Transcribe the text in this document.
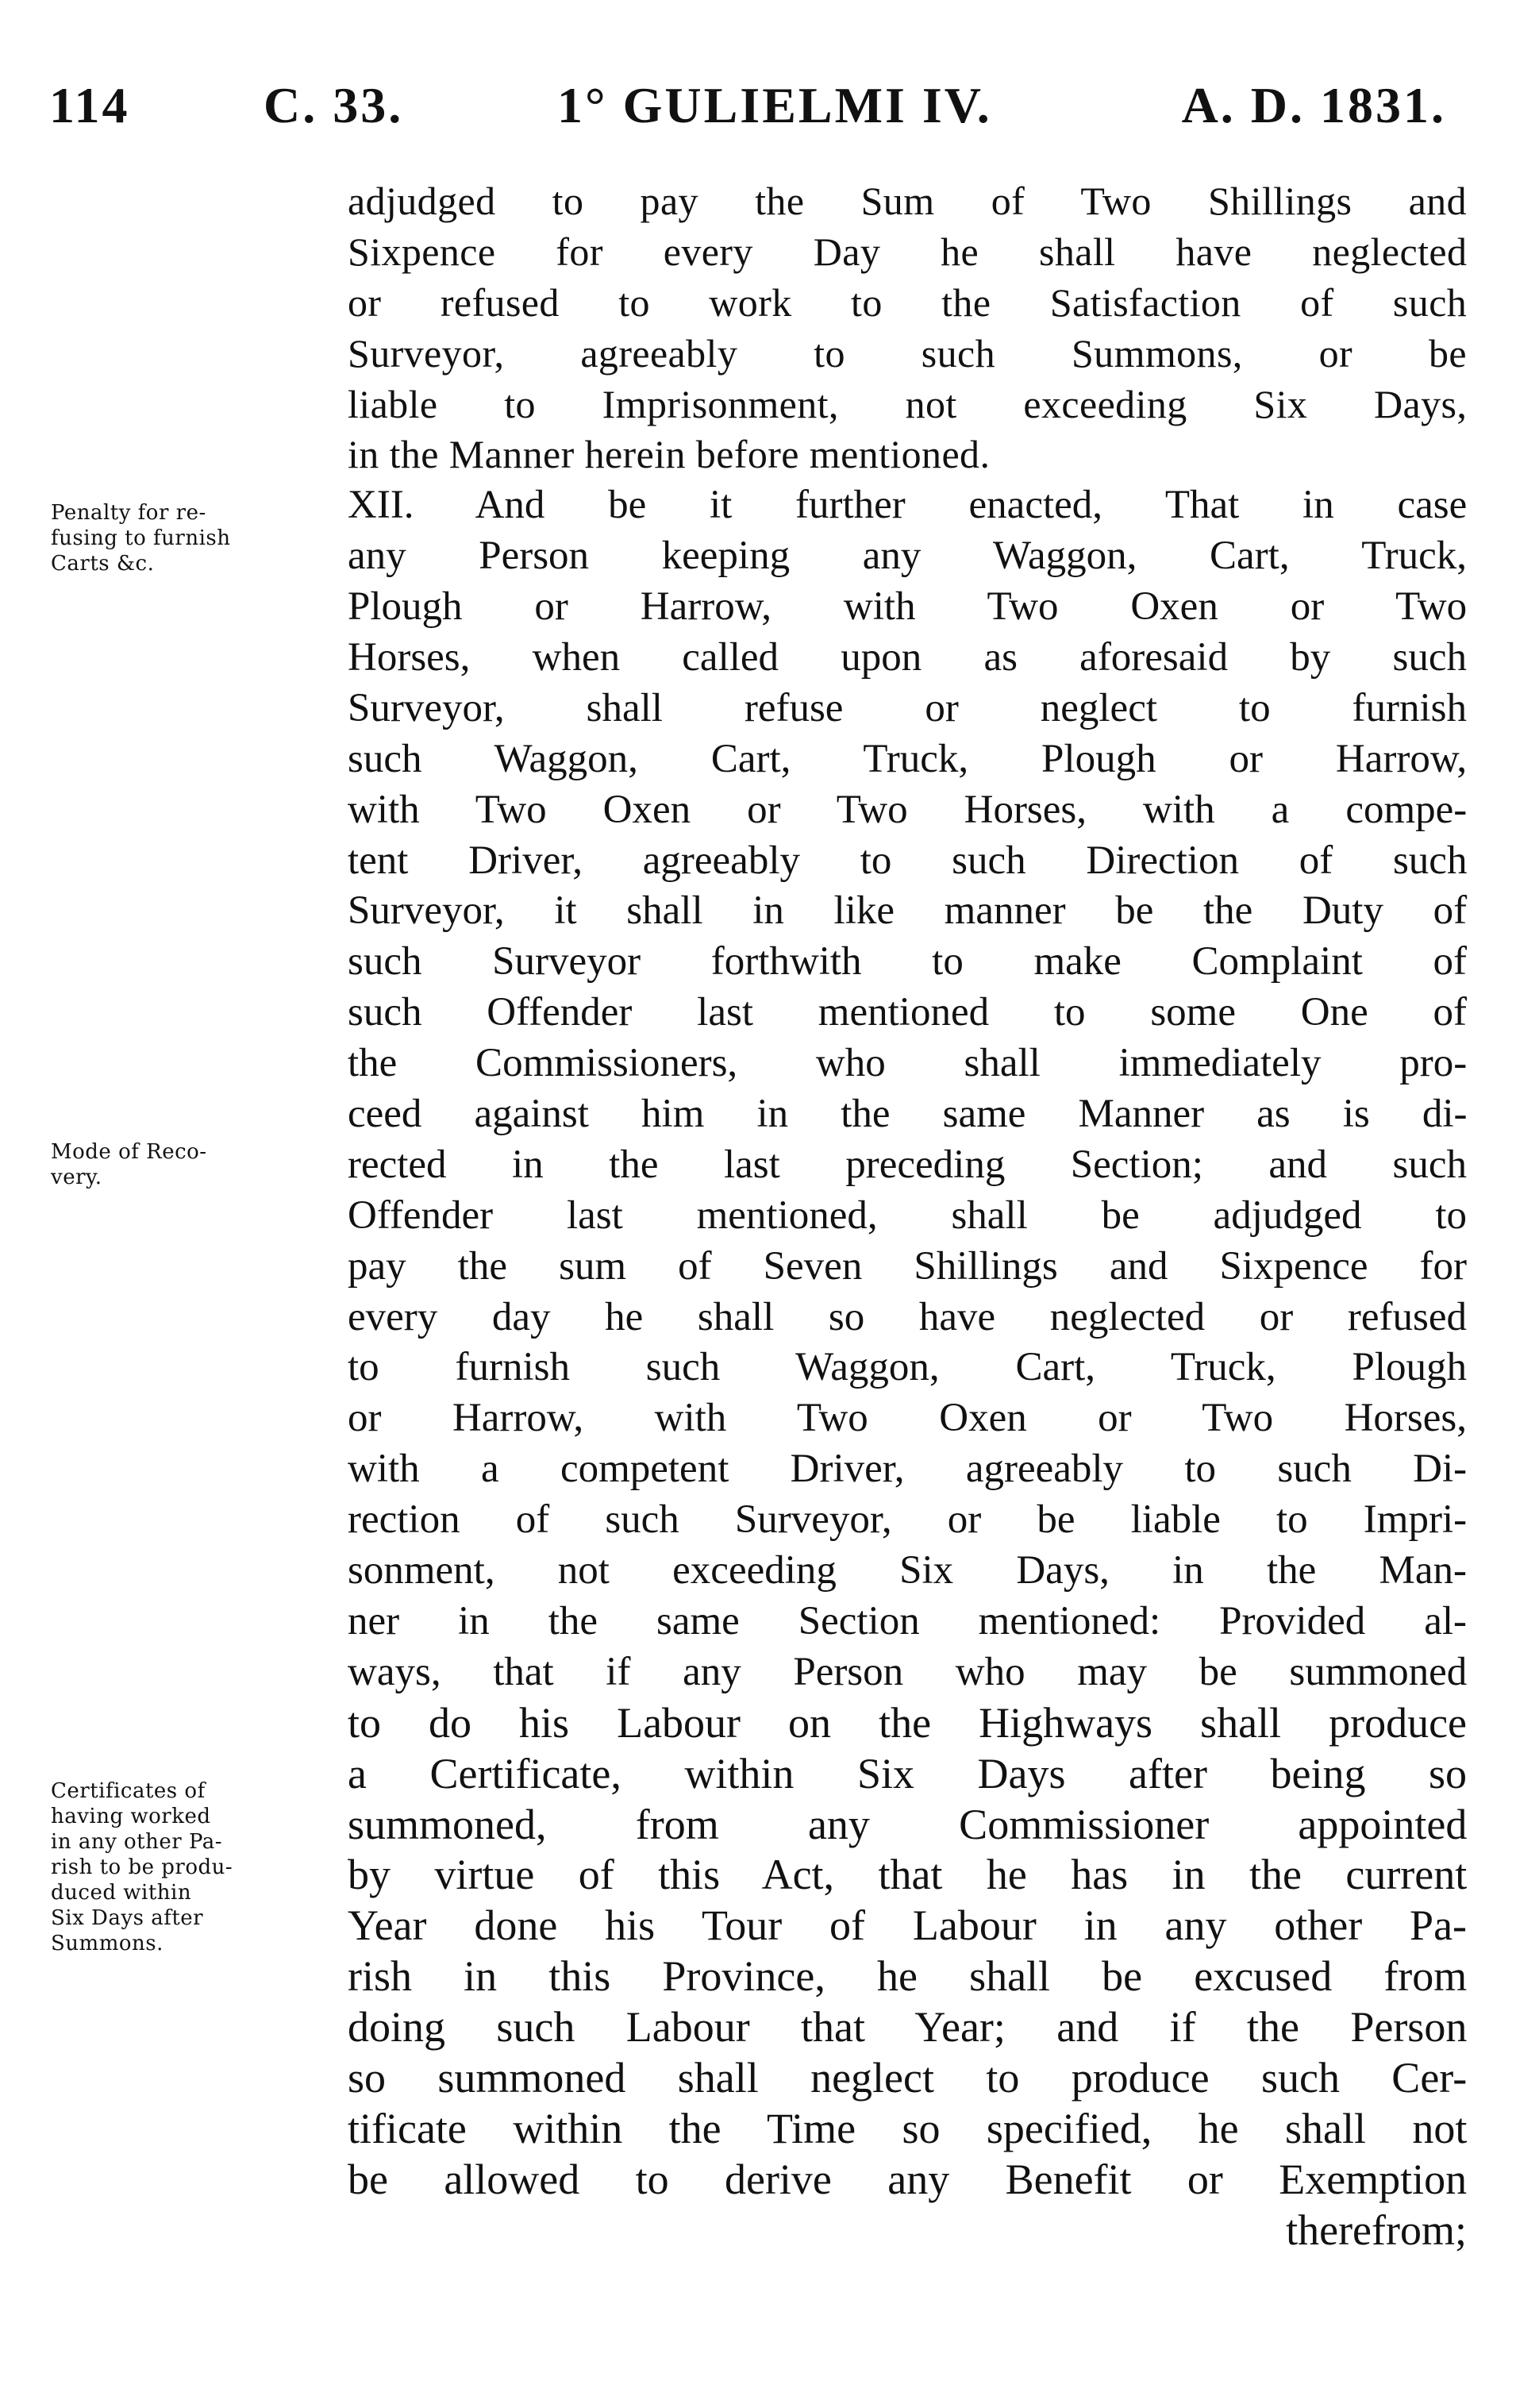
114	C. 33.	1° GULIELMI IV.	A. D. 1831.
Penalty for re-
fusing to furnish
Carts &c.
Mode of Reco-
very.
Certificates of
having worked
in any other Pa-
rish to be produ-
duced within
Six Days after
Summons.
adjudged to pay the Sum of Two Shillings and
Sixpence for every Day he shall have neglected
or refused to work to the Satisfaction of such
Surveyor, agreeably to such Summons, or be
liable to Imprisonment, not exceeding Six Days,
in the Manner herein before mentioned.
XII. And be it further enacted, That in case
any Person keeping any Waggon, Cart, Truck,
Plough or Harrow, with Two Oxen or Two
Horses, when called upon as aforesaid by such
Surveyor, shall refuse or neglect to furnish
such Waggon, Cart, Truck, Plough or Harrow,
with Two Oxen or Two Horses, with a compe-
tent Driver, agreeably to such Direction of such
Surveyor, it shall in like manner be the Duty of
such Surveyor forthwith to make Complaint of
such Offender last mentioned to some One of
the Commissioners, who shall immediately pro-
ceed against him in the same Manner as is di-
rected in the last preceding Section; and such
Offender last mentioned, shall be adjudged to
pay the sum of Seven Shillings and Sixpence for
every day he shall so have neglected or refused
to furnish such Waggon, Cart, Truck, Plough
or Harrow, with Two Oxen or Two Horses,
with a competent Driver, agreeably to such Di-
rection of such Surveyor, or be liable to Impri-
sonment, not exceeding Six Days, in the Man-
ner in the same Section mentioned: Provided al-
ways, that if any Person who may be summoned
to do his Labour on the Highways shall produce
a Certificate, within Six Days after being so
summoned, from any Commissioner appointed
by virtue of this Act, that he has in the current
Year done his Tour of Labour in any other Pa-
rish in this Province, he shall be excused from
doing such Labour that Year; and if the Person
so summoned shall neglect to produce such Cer-
tificate within the Time so specified, he shall not
be allowed to derive any Benefit or Exemption
therefrom;
